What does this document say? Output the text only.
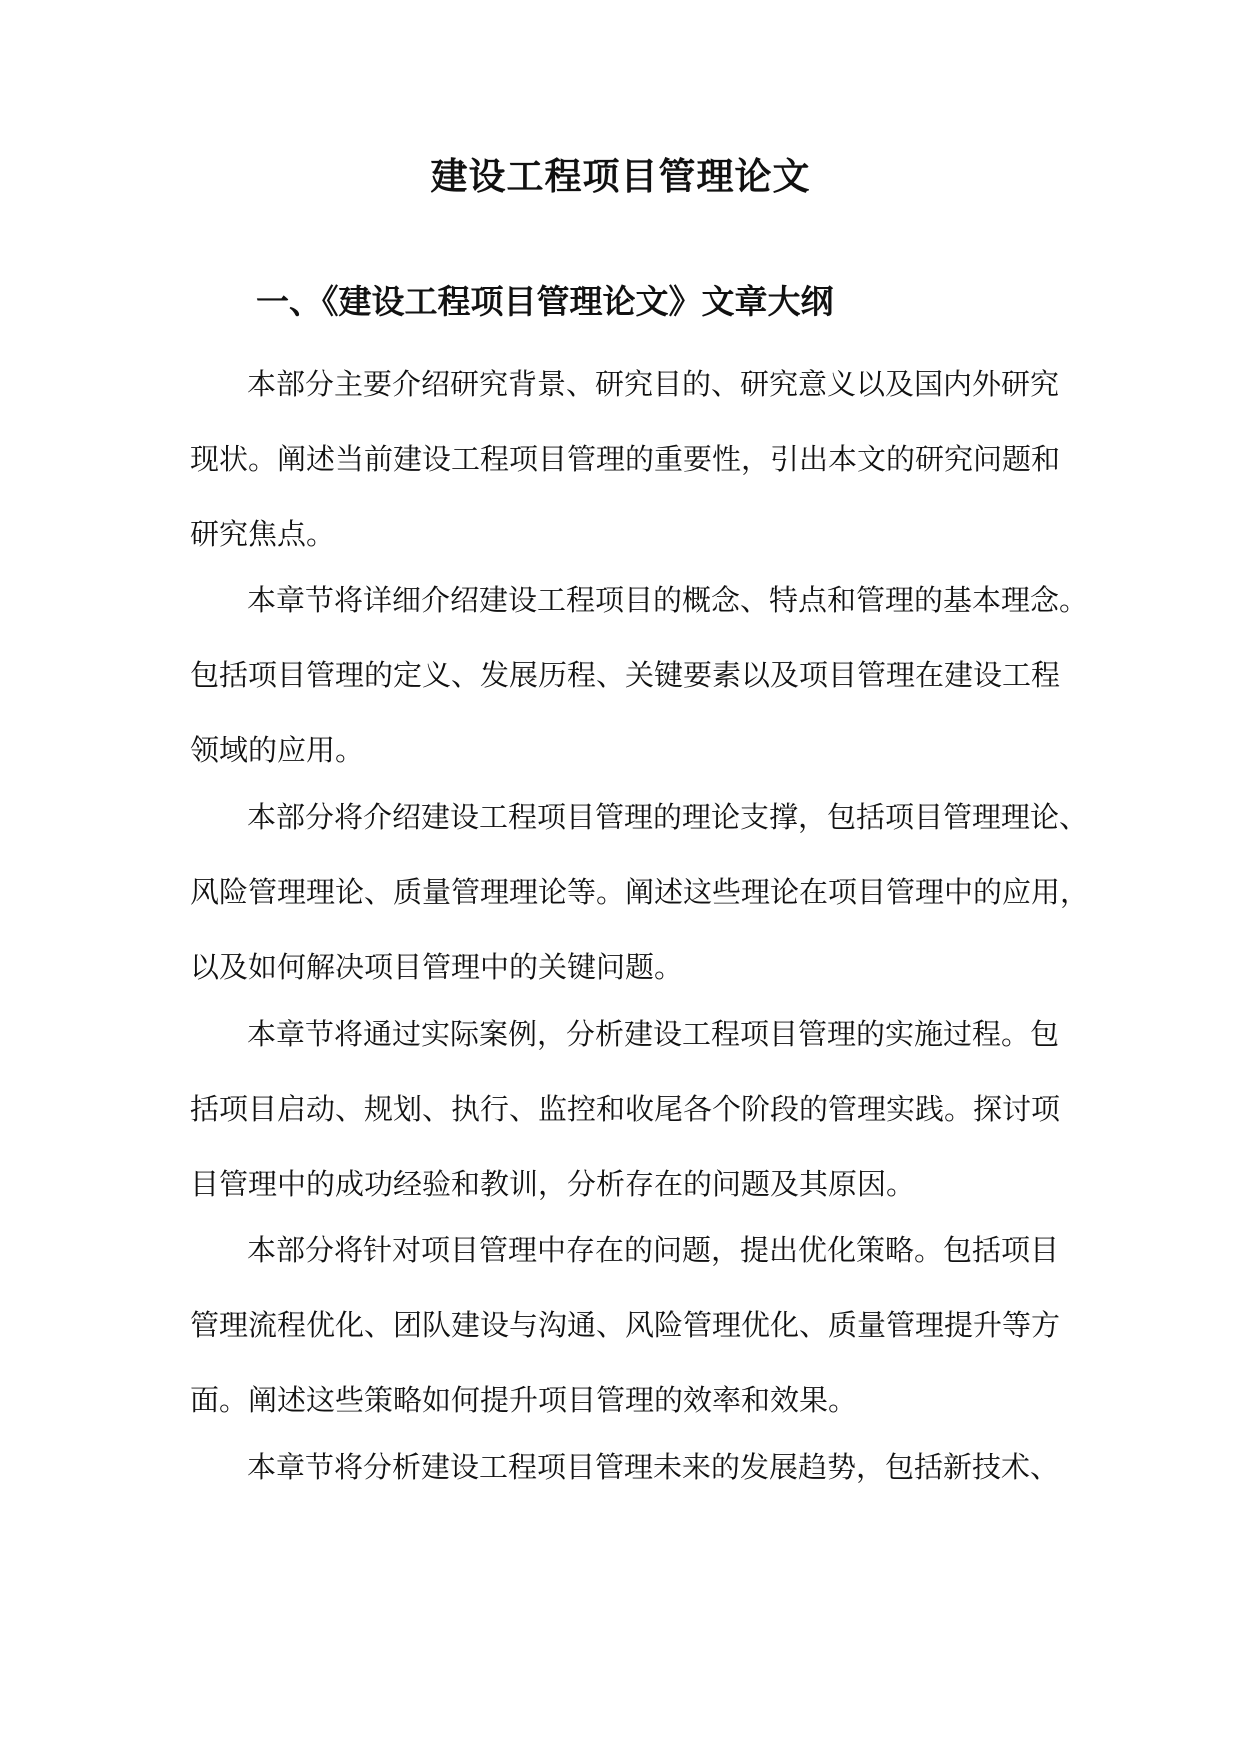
建设工程项目管理论文
一、《建设工程项目管理论文》文章大纲
本部分主要介绍研究背景、研究目的、研究意义以及国内外研究
现状。阐述当前建设工程项目管理的重要性，引出本文的研究问题和
研究焦点。
本章节将详细介绍建设工程项目的概念、特点和管理的基本理念。
包括项目管理的定义、发展历程、关键要素以及项目管理在建设工程
领域的应用。
本部分将介绍建设工程项目管理的理论支撑，包括项目管理理论、
风险管理理论、质量管理理论等。阐述这些理论在项目管理中的应用，
以及如何解决项目管理中的关键问题。
本章节将通过实际案例，分析建设工程项目管理的实施过程。包
括项目启动、规划、执行、监控和收尾各个阶段的管理实践。探讨项
目管理中的成功经验和教训，分析存在的问题及其原因。
本部分将针对项目管理中存在的问题，提出优化策略。包括项目
管理流程优化、团队建设与沟通、风险管理优化、质量管理提升等方
面。阐述这些策略如何提升项目管理的效率和效果。
本章节将分析建设工程项目管理未来的发展趋势，包括新技术、
